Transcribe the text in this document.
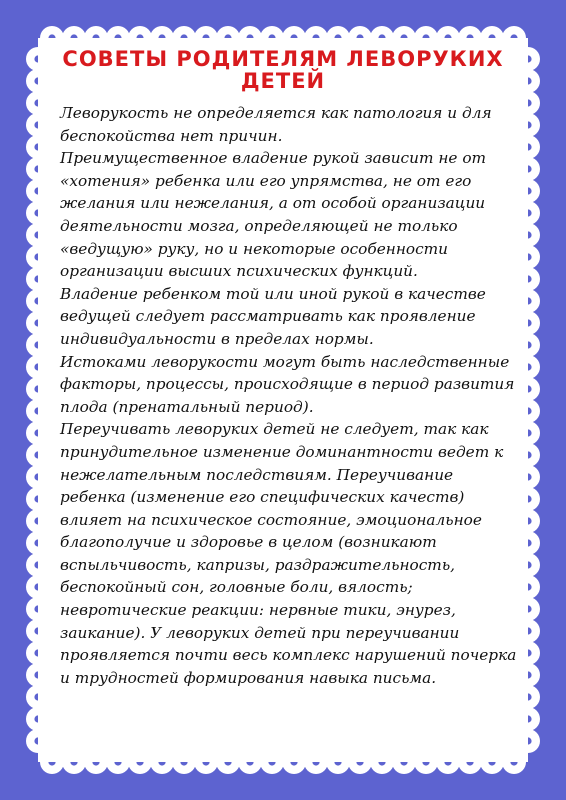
СОВЕТЫ РОДИТЕЛЯМ ЛЕВОРУКИХ
ДЕТЕЙ

Леворукость не определяется как патология и для беспокойства нет причин.

Преимущественное владение рукой зависит не от «хотения» ребенка или его упрямства, не от его желания или нежелания, а от особой организации деятельности мозга, определяющей не только «ведущую» руку, но и некоторые особенности организации высших психических функций.

Владение ребенком той или иной рукой в качестве ведущей следует рассматривать как проявление индивидуальности в пределах нормы.

Истоками леворукости могут быть наследственные факторы, процессы, происходящие в период развития плода (пренатальный период).

Переучивать леворуких детей не следует, так как принудительное изменение доминантности ведет к нежелательным последствиям. Переучивание ребенка (изменение его специфических качеств) влияет на психическое состояние, эмоциональное благополучие и здоровье в целом (возникают вспыльчивость, капризы, раздражительность, беспокойный сон, головные боли, вялость; невротические реакции: нервные тики, энурез, заикание). У леворуких детей при переучивании проявляется почти весь комплекс нарушений почерка и трудностей формирования навыка письма.
